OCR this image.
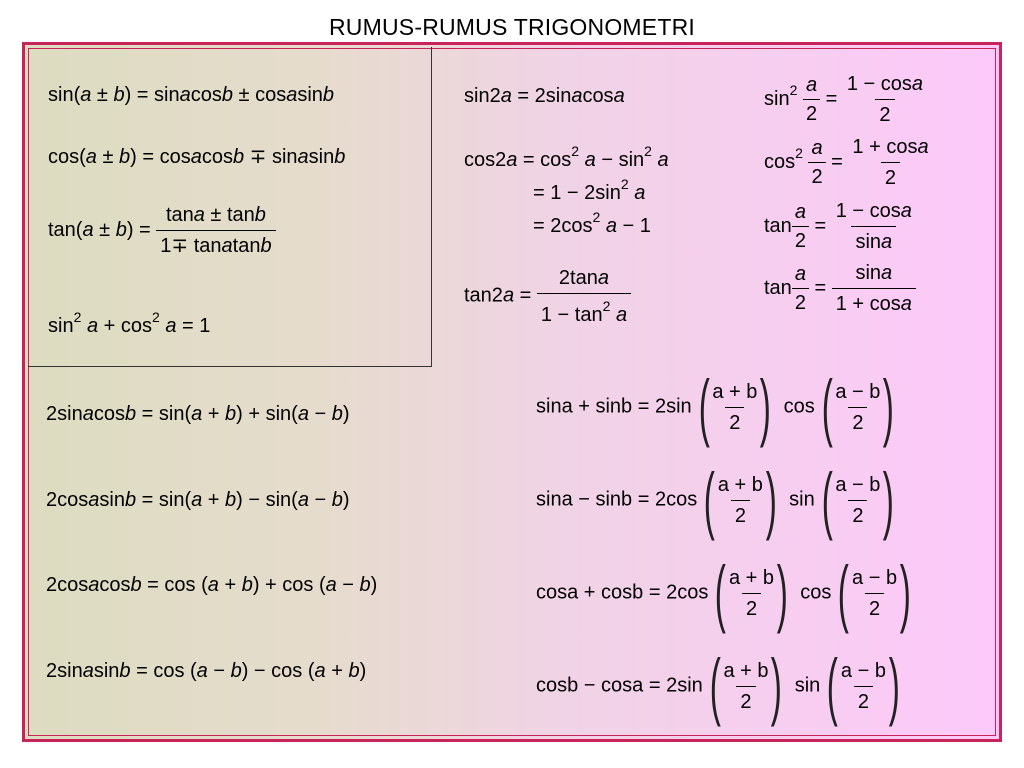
RUMUS-RUMUS TRIGONOMETRI
sin(a ± b) = sinacosb ± cosasinb
cos(a ± b) = cosacosb ∓ sinasinb
$\tan(a \pm b) = \frac{\tan a \pm \tan b}{\text{1∓ tanatanb}}$
$\sin^2 a + \cos^2 a = 1$
sin2a = 2sinacosa
$\cos 2a = \cos^2 a - \sin^2 a$
= $1 - 2\sin^2$ a
= $2\cos^2$ a − 1
$\tan 2a = \frac{2\tan a}{1 - \tan^2 a}$
$\sin^2 \frac{a}{2} = \frac{1 - \cos a}{2}$
$\cos^2 \frac{a}{2} = \frac{1 + \cos a}{2}$
$\tan \frac{a}{2} = \frac{1 - \cos a}{\sin a}$
$\tan \frac{a}{2} = \frac{\sin a}{1 + \cos a}$
2sinacosb = sin(a + b) + sin(a − b)
2cosasinb = sin(a + b) − sin(a − b)
2cosacosb = cos (a + b) + cos (a − b)
2sinasinb = cos (a − b) − cos (a + b)
sina + sinb = 2sin (
$\frac{a + b}{2}$
) cos (
$\frac{a - b}{2}$
)
sina − sinb = 2cos (
$\frac{a + b}{2}$
) sin (
$\frac{a - b}{2}$
)
cosa + cosb = 2cos (
$\frac{a + b}{2}$
) cos (
$\frac{a - b}{2}$
)
cosb − cosa = 2sin (
$\frac{a + b}{2}$
) sin (
$\frac{a - b}{2}$
)
